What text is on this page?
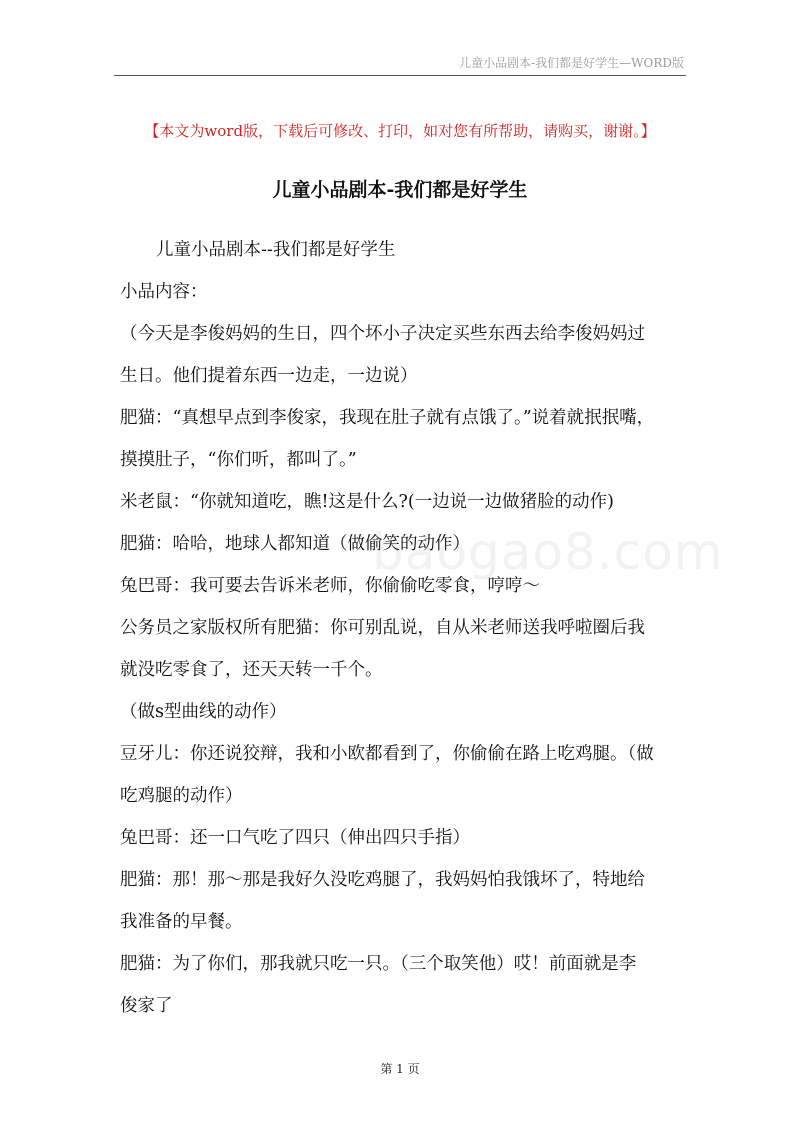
儿童小品剧本-我们都是好学生—WORD版
【本文为word版，下载后可修改、打印，如对您有所帮助，请购买，谢谢。】
儿童小品剧本-我们都是好学生
儿童小品剧本--我们都是好学生
小品内容：
（今天是李俊妈妈的生日，四个坏小子决定买些东西去给李俊妈妈过
生日。他们提着东西一边走，一边说）
肥猫：“真想早点到李俊家，我现在肚子就有点饿了。”说着就抿抿嘴，
摸摸肚子，“你们听，都叫了。”
米老鼠：“你就知道吃，瞧!这是什么?(一边说一边做猪脸的动作)
肥猫：哈哈，地球人都知道（做偷笑的动作）
兔巴哥：我可要去告诉米老师，你偷偷吃零食，哼哼～
公务员之家版权所有肥猫：你可别乱说，自从米老师送我呼啦圈后我
就没吃零食了，还天天转一千个。
（做s型曲线的动作）
豆牙儿：你还说狡辩，我和小欧都看到了，你偷偷在路上吃鸡腿。（做
吃鸡腿的动作）
兔巴哥：还一口气吃了四只（伸出四只手指）
肥猫：那！那～那是我好久没吃鸡腿了，我妈妈怕我饿坏了，特地给
我准备的早餐。
肥猫：为了你们，那我就只吃一只。（三个取笑他）哎！前面就是李
俊家了
baogao8.com
第 1 页
